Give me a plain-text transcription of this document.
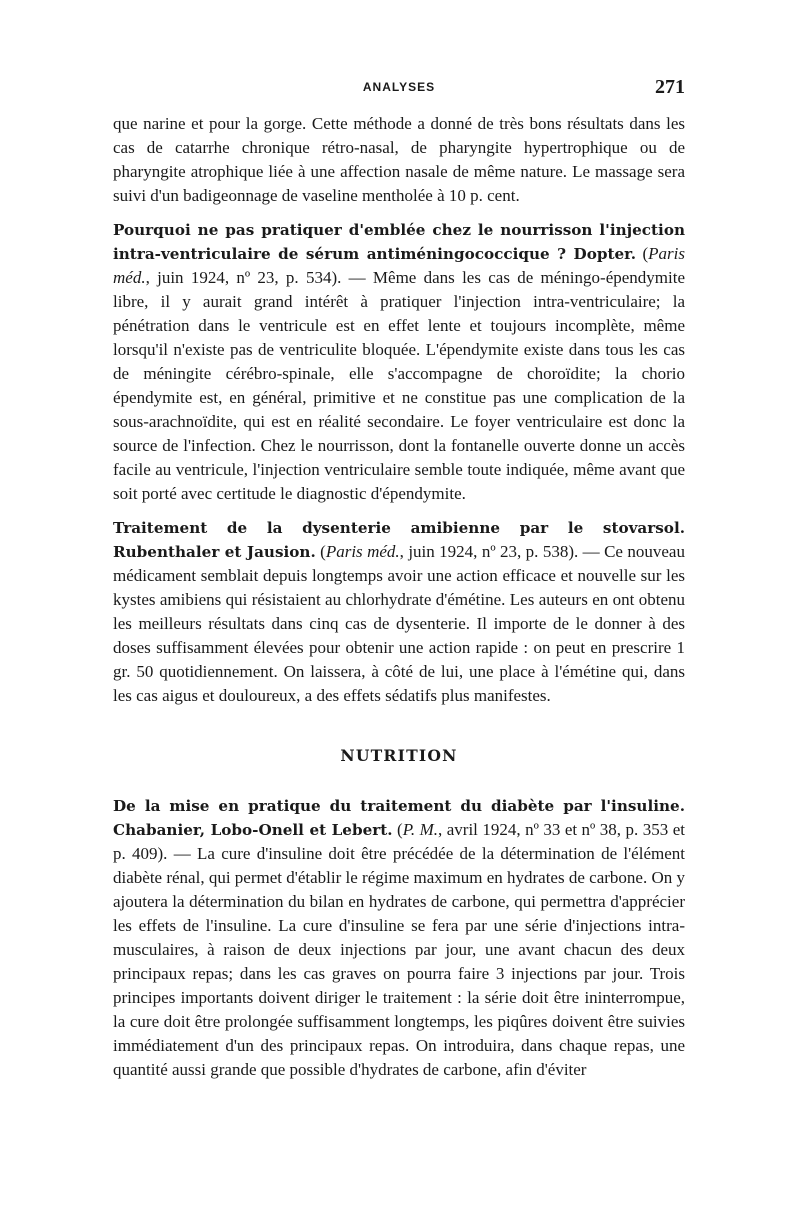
ANALYSES	271

que narine et pour la gorge. Cette méthode a donné de très bons résultats dans les cas de catarrhe chronique rétro-nasal, de pharyngite hypertrophique ou de pharyngite atrophique liée à une affection nasale de même nature. Le massage sera suivi d'un badigeonnage de vaseline mentholée à 10 p. cent.

Pourquoi ne pas pratiquer d'emblée chez le nourrisson l'injection intra-ventriculaire de sérum antiméningococcique ? Dopter. (Paris méd., juin 1924, nº 23, p. 534). — Même dans les cas de méningo-épendymite libre, il y aurait grand intérêt à pratiquer l'injection intra-ventriculaire; la pénétration dans le ventricule est en effet lente et toujours incomplète, même lorsqu'il n'existe pas de ventriculite bloquée. L'épendymite existe dans tous les cas de méningite cérébro-spinale, elle s'accompagne de choroïdite; la chorio épendymite est, en général, primitive et ne constitue pas une complication de la sous-arachnoïdite, qui est en réalité secondaire. Le foyer ventriculaire est donc la source de l'infection. Chez le nourrisson, dont la fontanelle ouverte donne un accès facile au ventricule, l'injection ventriculaire semble toute indiquée, même avant que soit porté avec certitude le diagnostic d'épendymite.

Traitement de la dysenterie amibienne par le stovarsol. Rubenthaler et Jausion. (Paris méd., juin 1924, nº 23, p. 538). — Ce nouveau médicament semblait depuis longtemps avoir une action efficace et nouvelle sur les kystes amibiens qui résistaient au chlorhydrate d'émétine. Les auteurs en ont obtenu les meilleurs résultats dans cinq cas de dysenterie. Il importe de le donner à des doses suffisamment élevées pour obtenir une action rapide : on peut en prescrire 1 gr. 50 quotidiennement. On laissera, à côté de lui, une place à l'émétine qui, dans les cas aigus et douloureux, a des effets sédatifs plus manifestes.

NUTRITION

De la mise en pratique du traitement du diabète par l'insuline. Chabanier, Lobo-Onell et Lebert. (P. M., avril 1924, nº 33 et nº 38, p. 353 et p. 409). — La cure d'insuline doit être précédée de la détermination de l'élément diabète rénal, qui permet d'établir le régime maximum en hydrates de carbone. On y ajoutera la détermination du bilan en hydrates de carbone, qui permettra d'apprécier les effets de l'insuline. La cure d'insuline se fera par une série d'injections intra-musculaires, à raison de deux injections par jour, une avant chacun des deux principaux repas; dans les cas graves on pourra faire 3 injections par jour. Trois principes importants doivent diriger le traitement : la série doit être ininterrompue, la cure doit être prolongée suffisamment longtemps, les piqûres doivent être suivies immédiatement d'un des principaux repas. On introduira, dans chaque repas, une quantité aussi grande que possible d'hydrates de carbone, afin d'éviter
